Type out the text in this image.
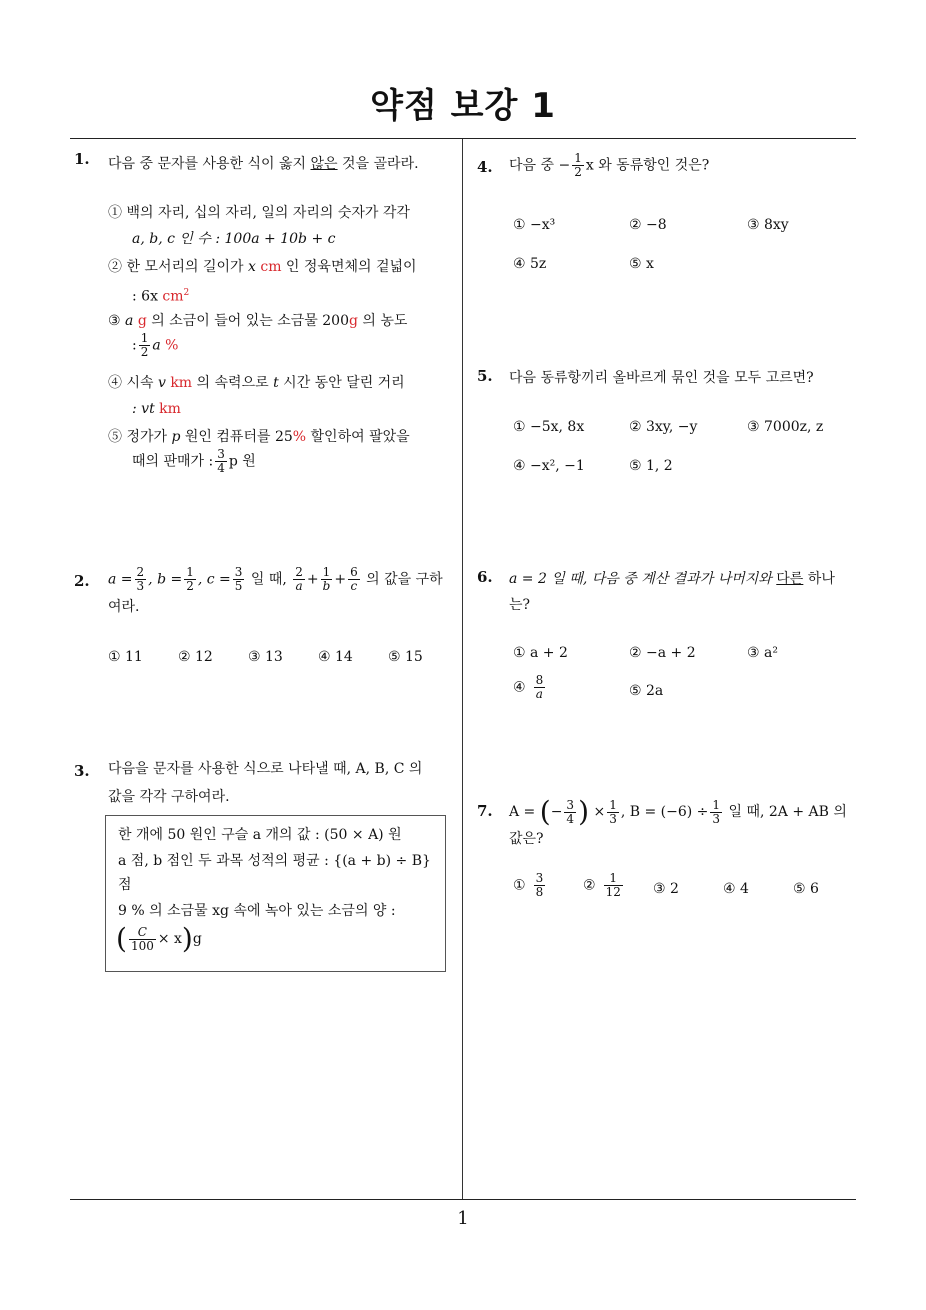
약점 보강 1
1
1. 다음 중 문자를 사용한 식이 옳지 않은 것을 골라라.
① 백의 자리, 십의 자리, 일의 자리의 숫자가 각각
a, b, c 인 수 : 100a + 10b + c
② 한 모서리의 길이가 x cm 인 정육면체의 겉넓이
: 6x $cm^2$
③ a g 의 소금이 들어 있는 소금물 200g 의 농도
: $\frac{1}{2}$ a %
④ 시속 v km 의 속력으로 t 시간 동안 달린 거리
: vt km
⑤ 정가가 p 원인 컴퓨터를 25% 할인하여 팔았을
때의 판매가 : $\frac{3}{4}$ p 원
2. $a = \frac{2}{3}$ , $b = \frac{1}{2}$ , $c = \frac{3}{5}$ 일 때, $\frac{2}{a} + \frac{1}{b} + \frac{6}{c}$ 의 값을 구하
여라.
① 11	② 12	③ 13	④ 14	⑤ 15
3. 다음을 문자를 사용한 식으로 나타낼 때, A, B, C 의
값을 각각 구하여라.
한 개에 50 원인 구슬 a 개의 값 : (50 × A) 원
a 점, b 점인 두 과목 성적의 평균 : {(a + b) ÷ B}
점
9 % 의 소금물 xg 속에 녹아 있는 소금의 양 :
( $\frac{C}{100} \times x)g$
4. 다음 중 − $\frac{1}{2}$ x 와 동류항인 것은?
① −x³	② −8	③ 8xy
④ 5z	⑤ x
5. 다음 동류항끼리 올바르게 묶인 것을 모두 고르면?
① −5x, 8x	② 3xy, −y	③ 7000z, z
④ −x², −1	⑤ 1, 2
6. a = 2 일 때, 다음 중 계산 결과가 나머지와 다른 하나
는?
① a + 2	② −a + 2	③ a²
④ $\frac{8}{a}$	⑤ 2a
7. A = (− $\frac{3}{4}$ ) × $\frac{1}{3}$ , $B = (-6) \div \frac{1}{3}$ 일 때, 2A + AB 의
값은?
① $\frac{3}{8}$	② $\frac{1}{12}$ ③ 2	④ 4	⑤ 6
